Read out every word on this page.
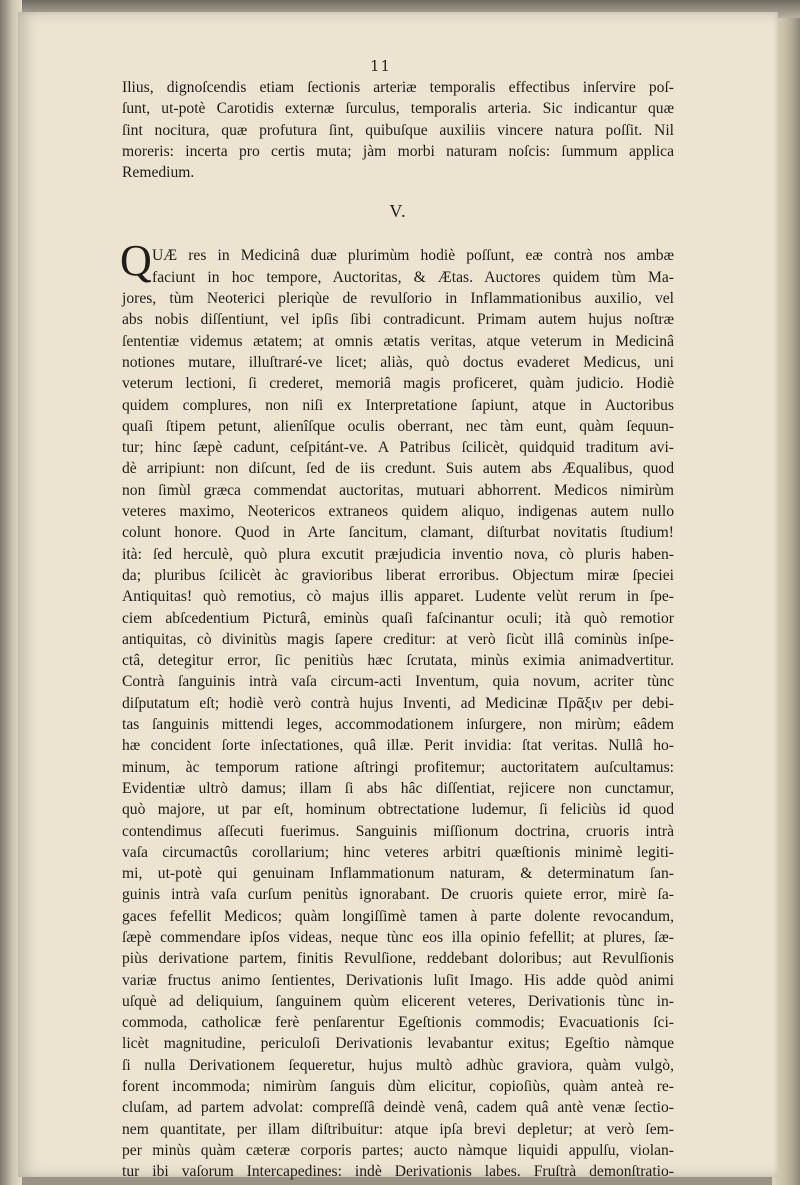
11
Ilius, dignoſcendis etiam ſectionis arteriæ temporalis effectibus inſervire poſ-
ſunt, ut-potè Carotidis externæ ſurculus, temporalis arteria. Sic indicantur quæ
ſint nocitura, quæ profutura ſint, quibuſque auxiliis vincere natura poſſit. Nil
moreris: incerta pro certis muta; jàm morbi naturam noſcis: ſummum applica
Remedium.
V.
Q UÆ res in Medicinâ duæ plurimùm hodiè poſſunt, eæ contrà nos ambæ
faciunt in hoc tempore, Auctoritas, & Ætas. Auctores quidem tùm Ma-
jores, tùm Neoterici pleriqùe de revulſorio in Inflammationibus auxilio, vel
abs nobis diſſentiunt, vel ipſis ſibi contradicunt. Primam autem hujus noſtræ
ſententiæ videmus ætatem; at omnis ætatis veritas, atque veterum in Medicinâ
notiones mutare, illuſtraré-ve licet; aliàs, quò doctus evaderet Medicus, uni
veterum lectioni, ſi crederet, memoriâ magis proficeret, quàm judicio. Hodiè
quidem complures, non niſi ex Interpretatione ſapiunt, atque in Auctoribus
quaſi ſtipem petunt, alienîſque oculis oberrant, nec tàm eunt, quàm ſequun-
tur; hinc ſæpè cadunt, ceſpitánt-ve. A Patribus ſcilicèt, quidquid traditum avi-
dè arripiunt: non diſcunt, ſed de iis credunt. Suis autem abs Æqualibus, quod
non ſimùl græca commendat auctoritas, mutuari abhorrent. Medicos nimirùm
veteres maximo, Neotericos extraneos quidem aliquo, indigenas autem nullo
colunt honore. Quod in Arte ſancitum, clamant, diſturbat novitatis ſtudium!
ità: ſed herculè, quò plura excutit præjudicia inventio nova, cò pluris haben-
da; pluribus ſcilicèt àc gravioribus liberat erroribus. Objectum miræ ſpeciei
Antiquitas! quò remotius, cò majus illis apparet. Ludente velùt rerum in ſpe-
ciem abſcedentium Picturâ, eminùs quaſi faſcinantur oculi; ità quò remotior
antiquitas, cò divinitùs magis ſapere creditur: at verò ſicùt illâ cominùs inſpe-
ctâ, detegitur error, ſic penitiùs hæc ſcrutata, minùs eximia animadvertitur.
Contrà ſanguinis intrà vaſa circum-acti Inventum, quia novum, acriter tùnc
diſputatum eſt; hodiè verò contrà hujus Inventi, ad Medicinæ Πρᾶξιν per debi-
tas ſanguinis mittendi leges, accommodationem inſurgere, non mirùm; eâdem
hæ concident ſorte inſectationes, quâ illæ. Perit invidia: ſtat veritas. Nullâ ho-
minum, àc temporum ratione aſtringi profitemur; auctoritatem auſcultamus:
Evidentiæ ultrò damus; illam ſi abs hâc diſſentiat, rejicere non cunctamur,
quò majore, ut par eſt, hominum obtrectatione ludemur, ſi feliciùs id quod
contendimus aſſecuti fuerimus. Sanguinis miſſionum doctrina, cruoris intrà
vaſa circumactûs corollarium; hinc veteres arbitri quæſtionis minimè legiti-
mi, ut-potè qui genuinam Inflammationum naturam, & determinatum ſan-
guinis intrà vaſa curſum penitùs ignorabant. De cruoris quiete error, mirè ſa-
gaces fefellit Medicos; quàm longiſſimè tamen à parte dolente revocandum,
ſæpè commendare ipſos videas, neque tùnc eos illa opinio fefellit; at plures, ſæ-
piùs derivatione partem, finitis Revulſione, reddebant doloribus; aut Revulſionis
variæ fructus animo ſentientes, Derivationis luſit Imago. His adde quòd animi
uſquè ad deliquium, ſanguinem quùm elicerent veteres, Derivationis tùnc in-
commoda, catholicæ ferè penſarentur Egeſtionis commodis; Evacuationis ſci-
licèt magnitudine, periculoſi Derivationis levabantur exitus; Egeſtio nàmque
ſi nulla Derivationem ſequeretur, hujus multò adhùc graviora, quàm vulgò,
forent incommoda; nimirùm ſanguis dùm elicitur, copioſiùs, quàm anteà re-
cluſam, ad partem advolat: compreſſâ deindè venâ, cadem quâ antè venæ ſectio-
nem quantitate, per illam diſtribuitur: atque ipſa brevi depletur; at verò ſem-
per minùs quàm cæteræ corporis partes; aucto nàmque liquidi appulſu, violan-
tur ibi vaſorum Intercapedines: indè Derivationis labes. Fruſtrà demonſtratio-
